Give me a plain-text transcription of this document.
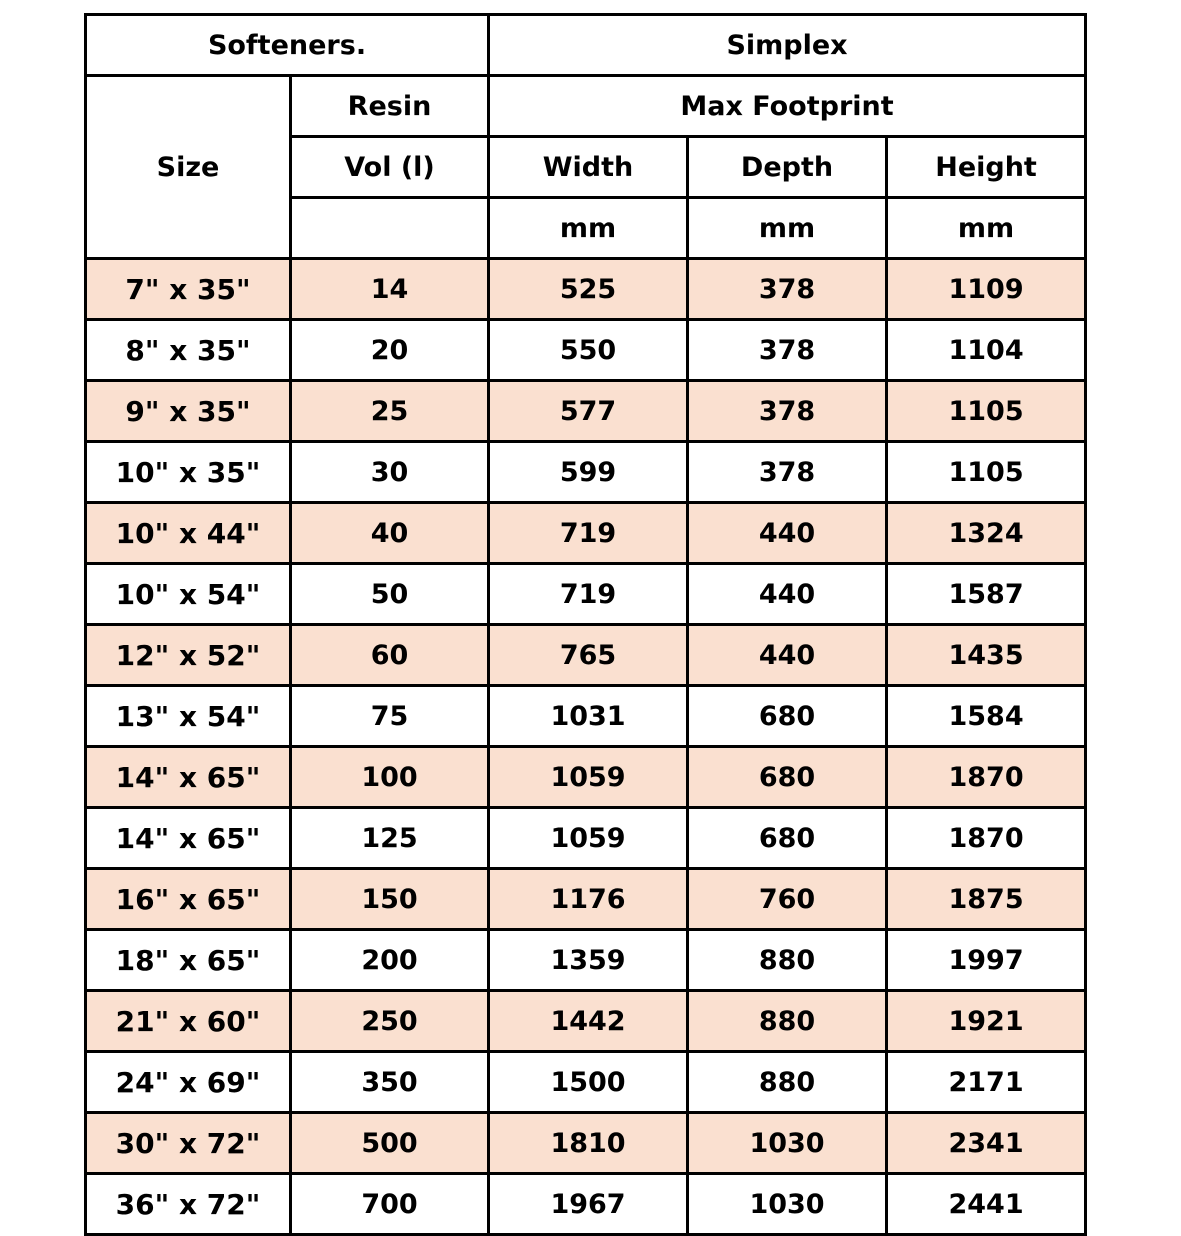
Softeners.		Simplex		
Size	Resin	Max Footprint		
	Vol (l)	Width	Depth	Height
		mm	mm	mm
7" x 35"	14	525	378	1109
8" x 35"	20	550	378	1104
9" x 35"	25	577	378	1105
10" x 35"	30	599	378	1105
10" x 44"	40	719	440	1324
10" x 54"	50	719	440	1587
12" x 52"	60	765	440	1435
13" x 54"	75	1031	680	1584
14" x 65"	100	1059	680	1870
14" x 65"	125	1059	680	1870
16" x 65"	150	1176	760	1875
18" x 65"	200	1359	880	1997
21" x 60"	250	1442	880	1921
24" x 69"	350	1500	880	2171
30" x 72"	500	1810	1030	2341
36" x 72"	700	1967	1030	2441
